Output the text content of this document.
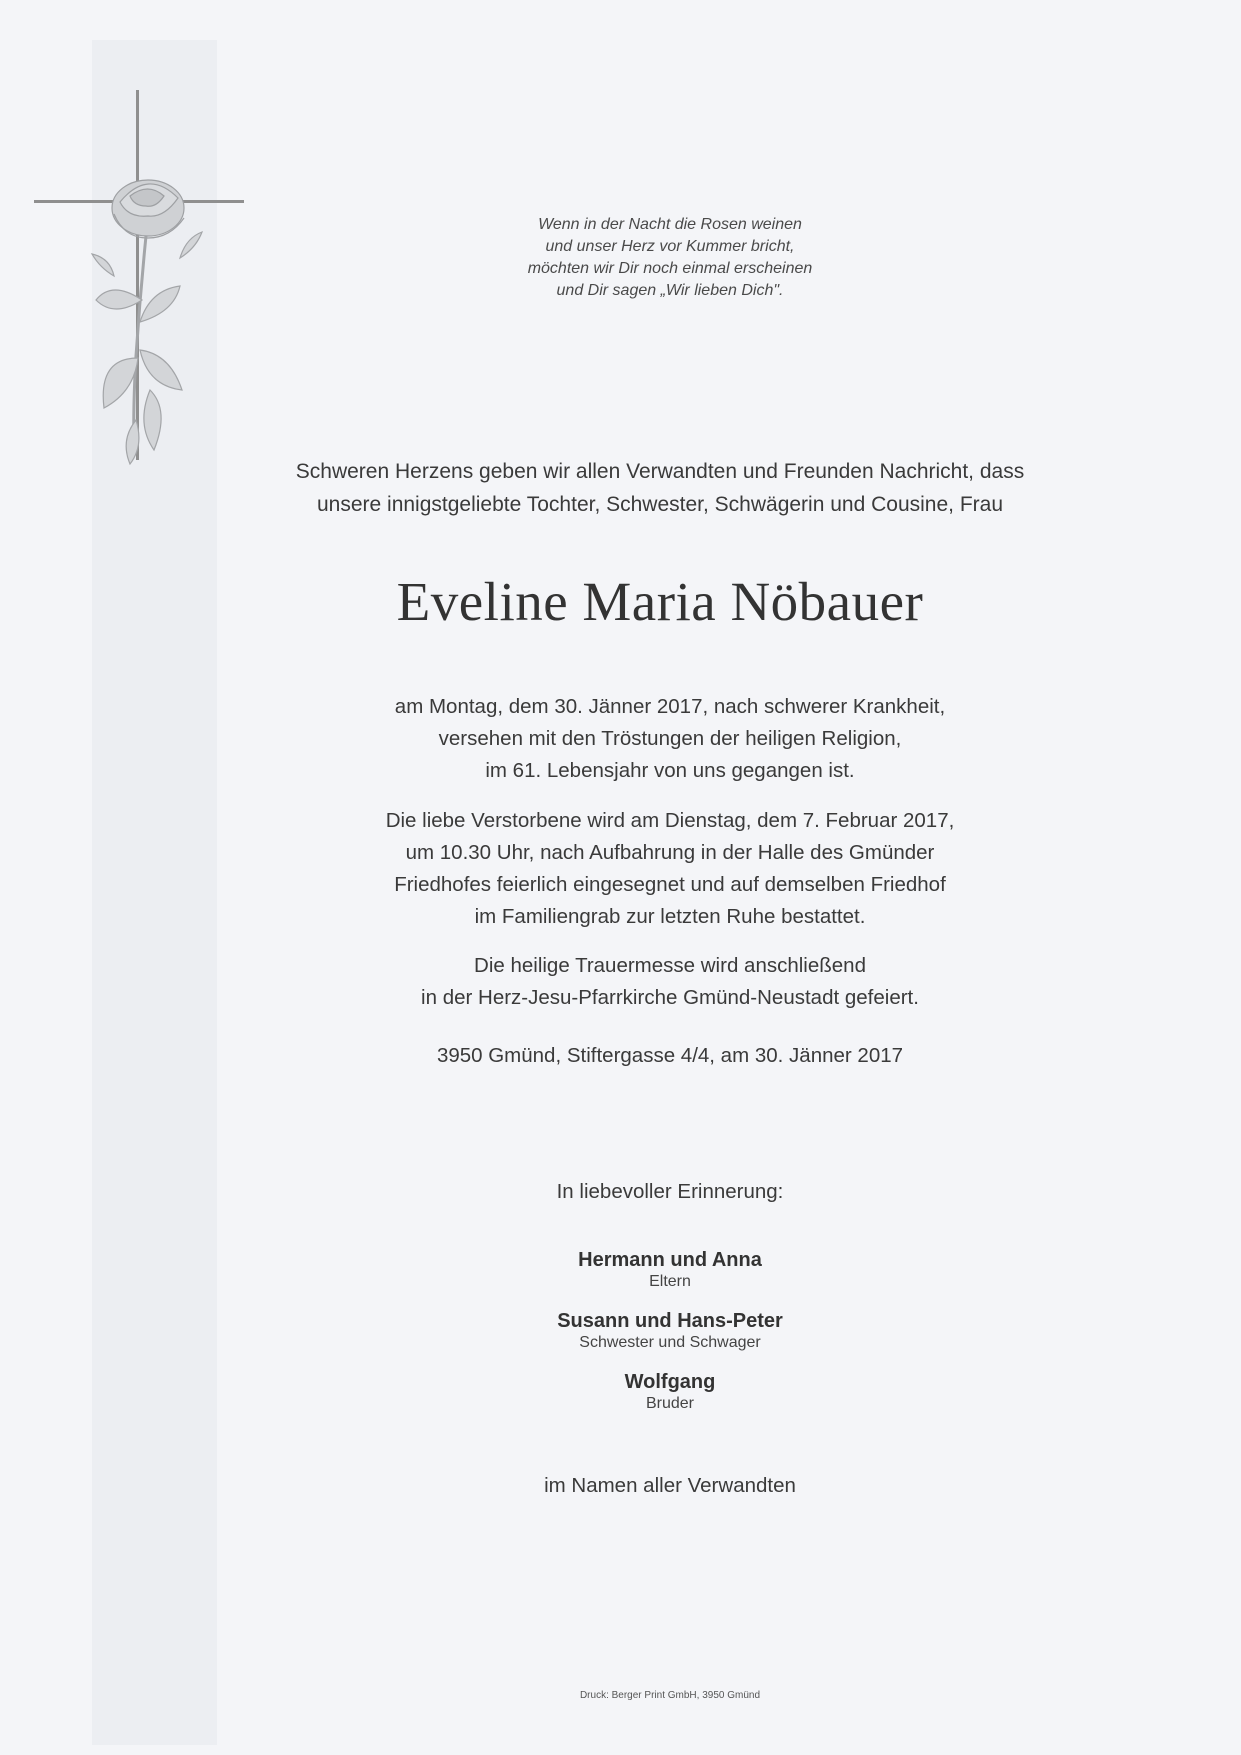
Wenn in der Nacht die Rosen weinen
und unser Herz vor Kummer bricht,
möchten wir Dir noch einmal erscheinen
und Dir sagen „Wir lieben Dich".
Schweren Herzens geben wir allen Verwandten und Freunden Nachricht, dass
unsere innigstgeliebte Tochter, Schwester, Schwägerin und Cousine, Frau
Eveline Maria Nöbauer
am Montag, dem 30. Jänner 2017, nach schwerer Krankheit,
versehen mit den Tröstungen der heiligen Religion,
im 61. Lebensjahr von uns gegangen ist.
Die liebe Verstorbene wird am Dienstag, dem 7. Februar 2017,
um 10.30 Uhr, nach Aufbahrung in der Halle des Gmünder
Friedhofes feierlich eingesegnet und auf demselben Friedhof
im Familiengrab zur letzten Ruhe bestattet.
Die heilige Trauermesse wird anschließend
in der Herz-Jesu-Pfarrkirche Gmünd-Neustadt gefeiert.
3950 Gmünd, Stiftergasse 4/4, am 30. Jänner 2017
In liebevoller Erinnerung:
Hermann und Anna
Eltern
Susann und Hans-Peter
Schwester und Schwager
Wolfgang
Bruder
im Namen aller Verwandten
Druck: Berger Print GmbH, 3950 Gmünd
